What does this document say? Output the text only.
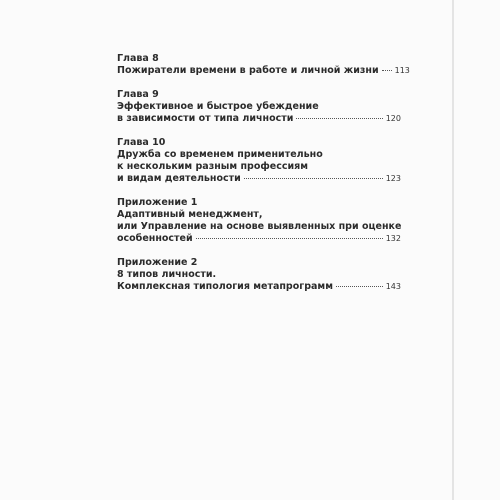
Глава 8
Пожиратели времени в работе и личной жизни 113
Глава 9
Эффективное и быстрое убеждение
в зависимости от типа личности	120
Глава 10
Дружба со временем применительно
к нескольким разным профессиям
и видам деятельности	123
Приложение 1
Адаптивный менеджмент,
или Управление на основе выявленных при оценке
особенностей	132
Приложение 2
8 типов личности.
Комплексная типология метапрограмм	143
